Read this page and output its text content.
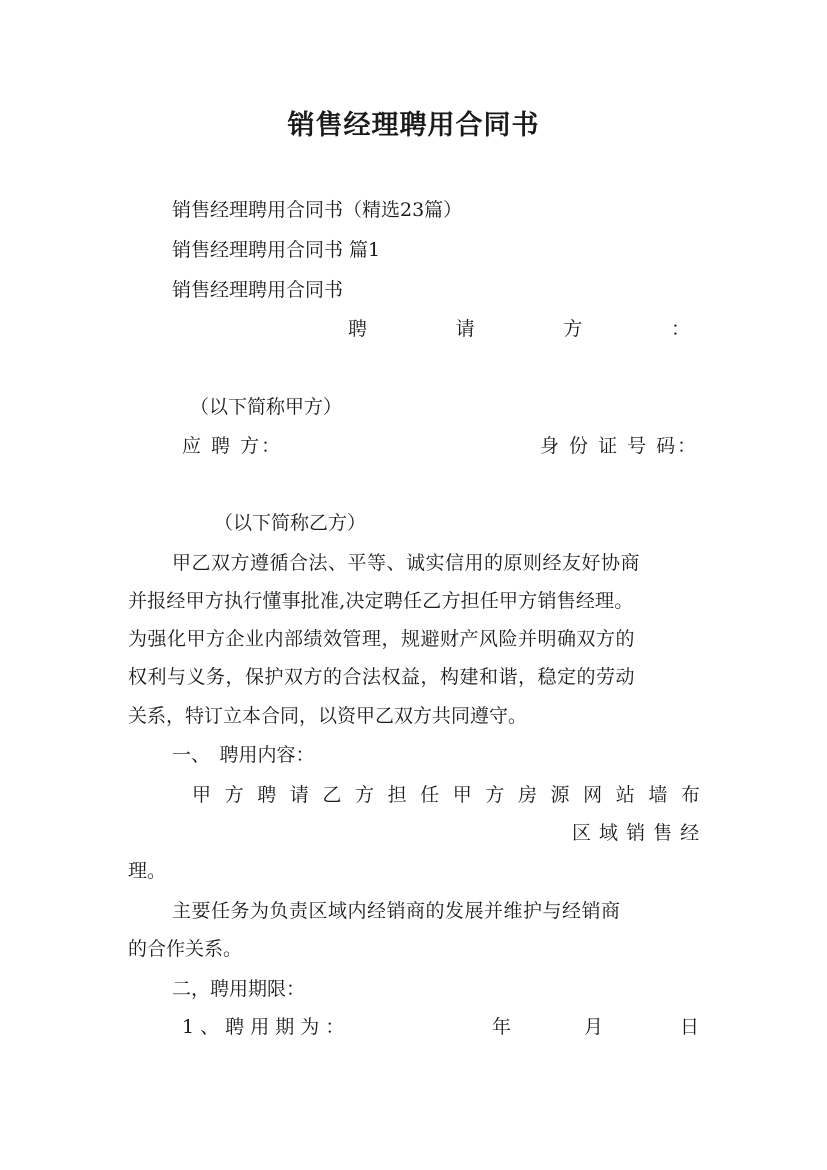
销售经理聘用合同书
销售经理聘用合同书（精选23篇）
销售经理聘用合同书 篇1
销售经理聘用合同书
聘	请	方	：
（以下简称甲方）
应 聘 方：	身 份 证 号 码：
（以下简称乙方）
甲乙双方遵循合法、平等、诚实信用的原则经友好协商
并报经甲方执行懂事批准,决定聘任乙方担任甲方销售经理。
为强化甲方企业内部绩效管理，规避财产风险并明确双方的
权利与义务，保护双方的合法权益，构建和谐，稳定的劳动
关系，特订立本合同，以资甲乙双方共同遵守。
一、　聘用内容：
甲 方 聘 请 乙 方 担 任 甲 方 房 源 网 站 墙 布
区 域 销 售 经
理。
主要任务为负责区域内经销商的发展并维护与经销商
的合作关系。
二，聘用期限：
1 、 聘 用 期 为 ：	年	月	日
